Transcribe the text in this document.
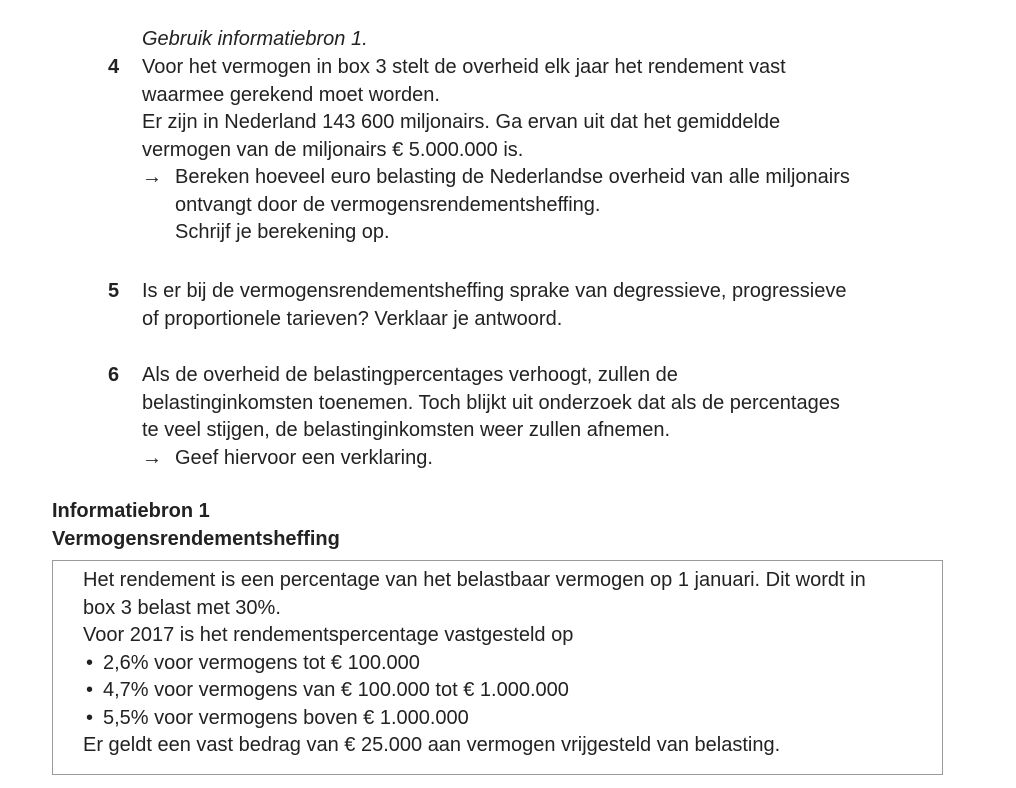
Gebruik informatiebron 1.
4 Voor het vermogen in box 3 stelt de overheid elk jaar het rendement vast
waarmee gerekend moet worden.
Er zijn in Nederland 143 600 miljonairs. Ga ervan uit dat het gemiddelde
vermogen van de miljonairs € 5.000.000 is.
→ Bereken hoeveel euro belasting de Nederlandse overheid van alle miljonairs
ontvangt door de vermogensrendementsheffing.
Schrijf je berekening op.
5 Is er bij de vermogensrendementsheffing sprake van degressieve, progressieve
of proportionele tarieven? Verklaar je antwoord.
6 Als de overheid de belastingpercentages verhoogt, zullen de
belastinginkomsten toenemen. Toch blijkt uit onderzoek dat als de percentages
te veel stijgen, de belastinginkomsten weer zullen afnemen.
→ Geef hiervoor een verklaring.
Informatiebron 1
Vermogensrendementsheffing
Het rendement is een percentage van het belastbaar vermogen op 1 januari. Dit wordt in
box 3 belast met 30%.
Voor 2017 is het rendementspercentage vastgesteld op
• 2,6% voor vermogens tot € 100.000
• 4,7% voor vermogens van € 100.000 tot € 1.000.000
• 5,5% voor vermogens boven € 1.000.000
Er geldt een vast bedrag van € 25.000 aan vermogen vrijgesteld van belasting.
